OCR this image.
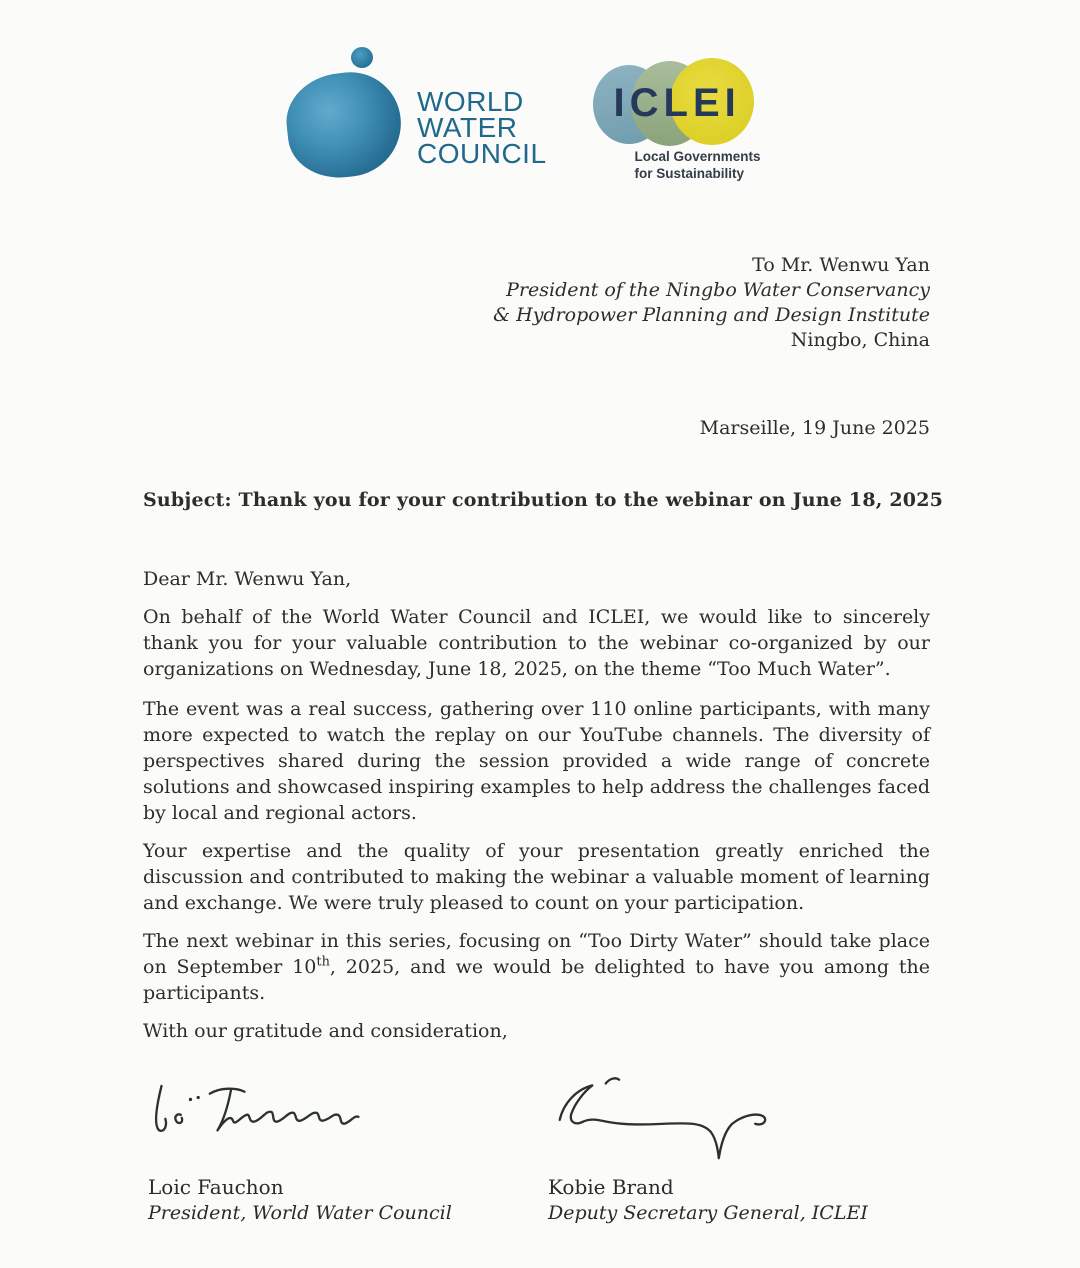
WORLD
WATER
COUNCIL
ICLEI
Local Governments
for Sustainability
To Mr. Wenwu Yan
President of the Ningbo Water Conservancy
& Hydropower Planning and Design Institute
Ningbo, China
Marseille, 19 June 2025
Subject: Thank you for your contribution to the webinar on June 18, 2025
Dear Mr. Wenwu Yan,
On behalf of the World Water Council and ICLEI, we would like to sincerely thank you for your valuable contribution to the webinar co-organized by our organizations on Wednesday, June 18, 2025, on the theme “Too Much Water”.
The event was a real success, gathering over 110 online participants, with many more expected to watch the replay on our YouTube channels. The diversity of perspectives shared during the session provided a wide range of concrete solutions and showcased inspiring examples to help address the challenges faced by local and regional actors.
Your expertise and the quality of your presentation greatly enriched the discussion and contributed to making the webinar a valuable moment of learning and exchange. We were truly pleased to count on your participation.
The next webinar in this series, focusing on “Too Dirty Water” should take place on September 10th, 2025, and we would be delighted to have you among the participants.
With our gratitude and consideration,
Loic Fauchon
President, World Water Council
Kobie Brand
Deputy Secretary General, ICLEI
